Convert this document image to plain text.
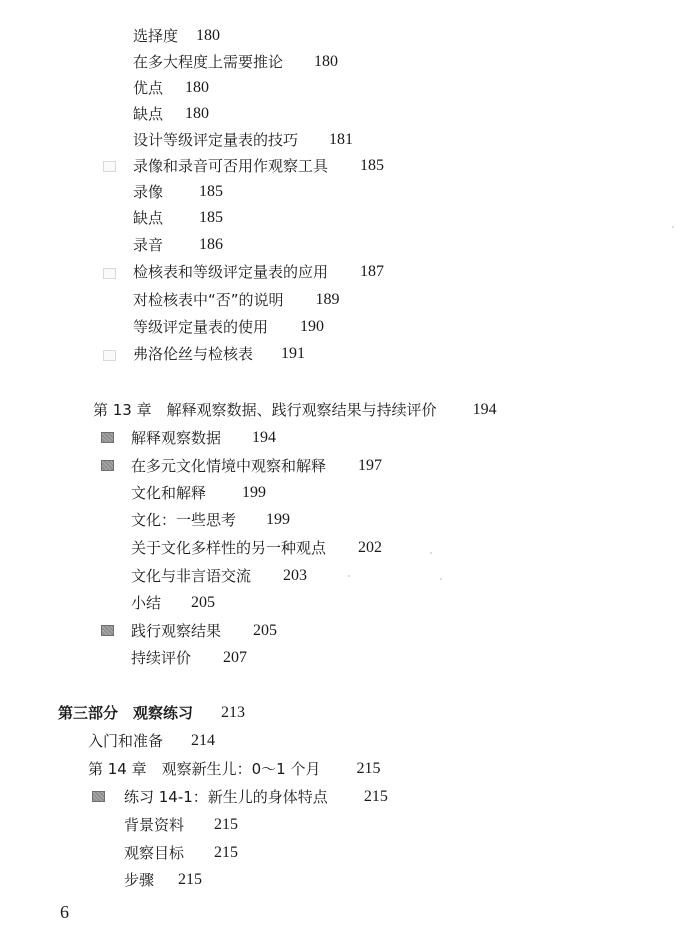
选择度 180
在多大程度上需要推论 180
优点 180
缺点 180
设计等级评定量表的技巧 181
录像和录音可否用作观察工具 185
录像 185
缺点 185
录音 186
检核表和等级评定量表的应用 187
对检核表中“否”的说明 189
等级评定量表的使用 190
弗洛伦丝与检核表 191
第 13 章　解释观察数据、践行观察结果与持续评价 194
解释观察数据 194
在多元文化情境中观察和解释 197
文化和解释 199
文化：一些思考 199
关于文化多样性的另一种观点 202
文化与非言语交流 203
小结 205
践行观察结果 205
持续评价 207
第三部分　观察练习 213
入门和准备 214
第 14 章　观察新生儿：0～1 个月 215
练习 14-1：新生儿的身体特点 215
背景资料 215
观察目标 215
步骤 215
6
